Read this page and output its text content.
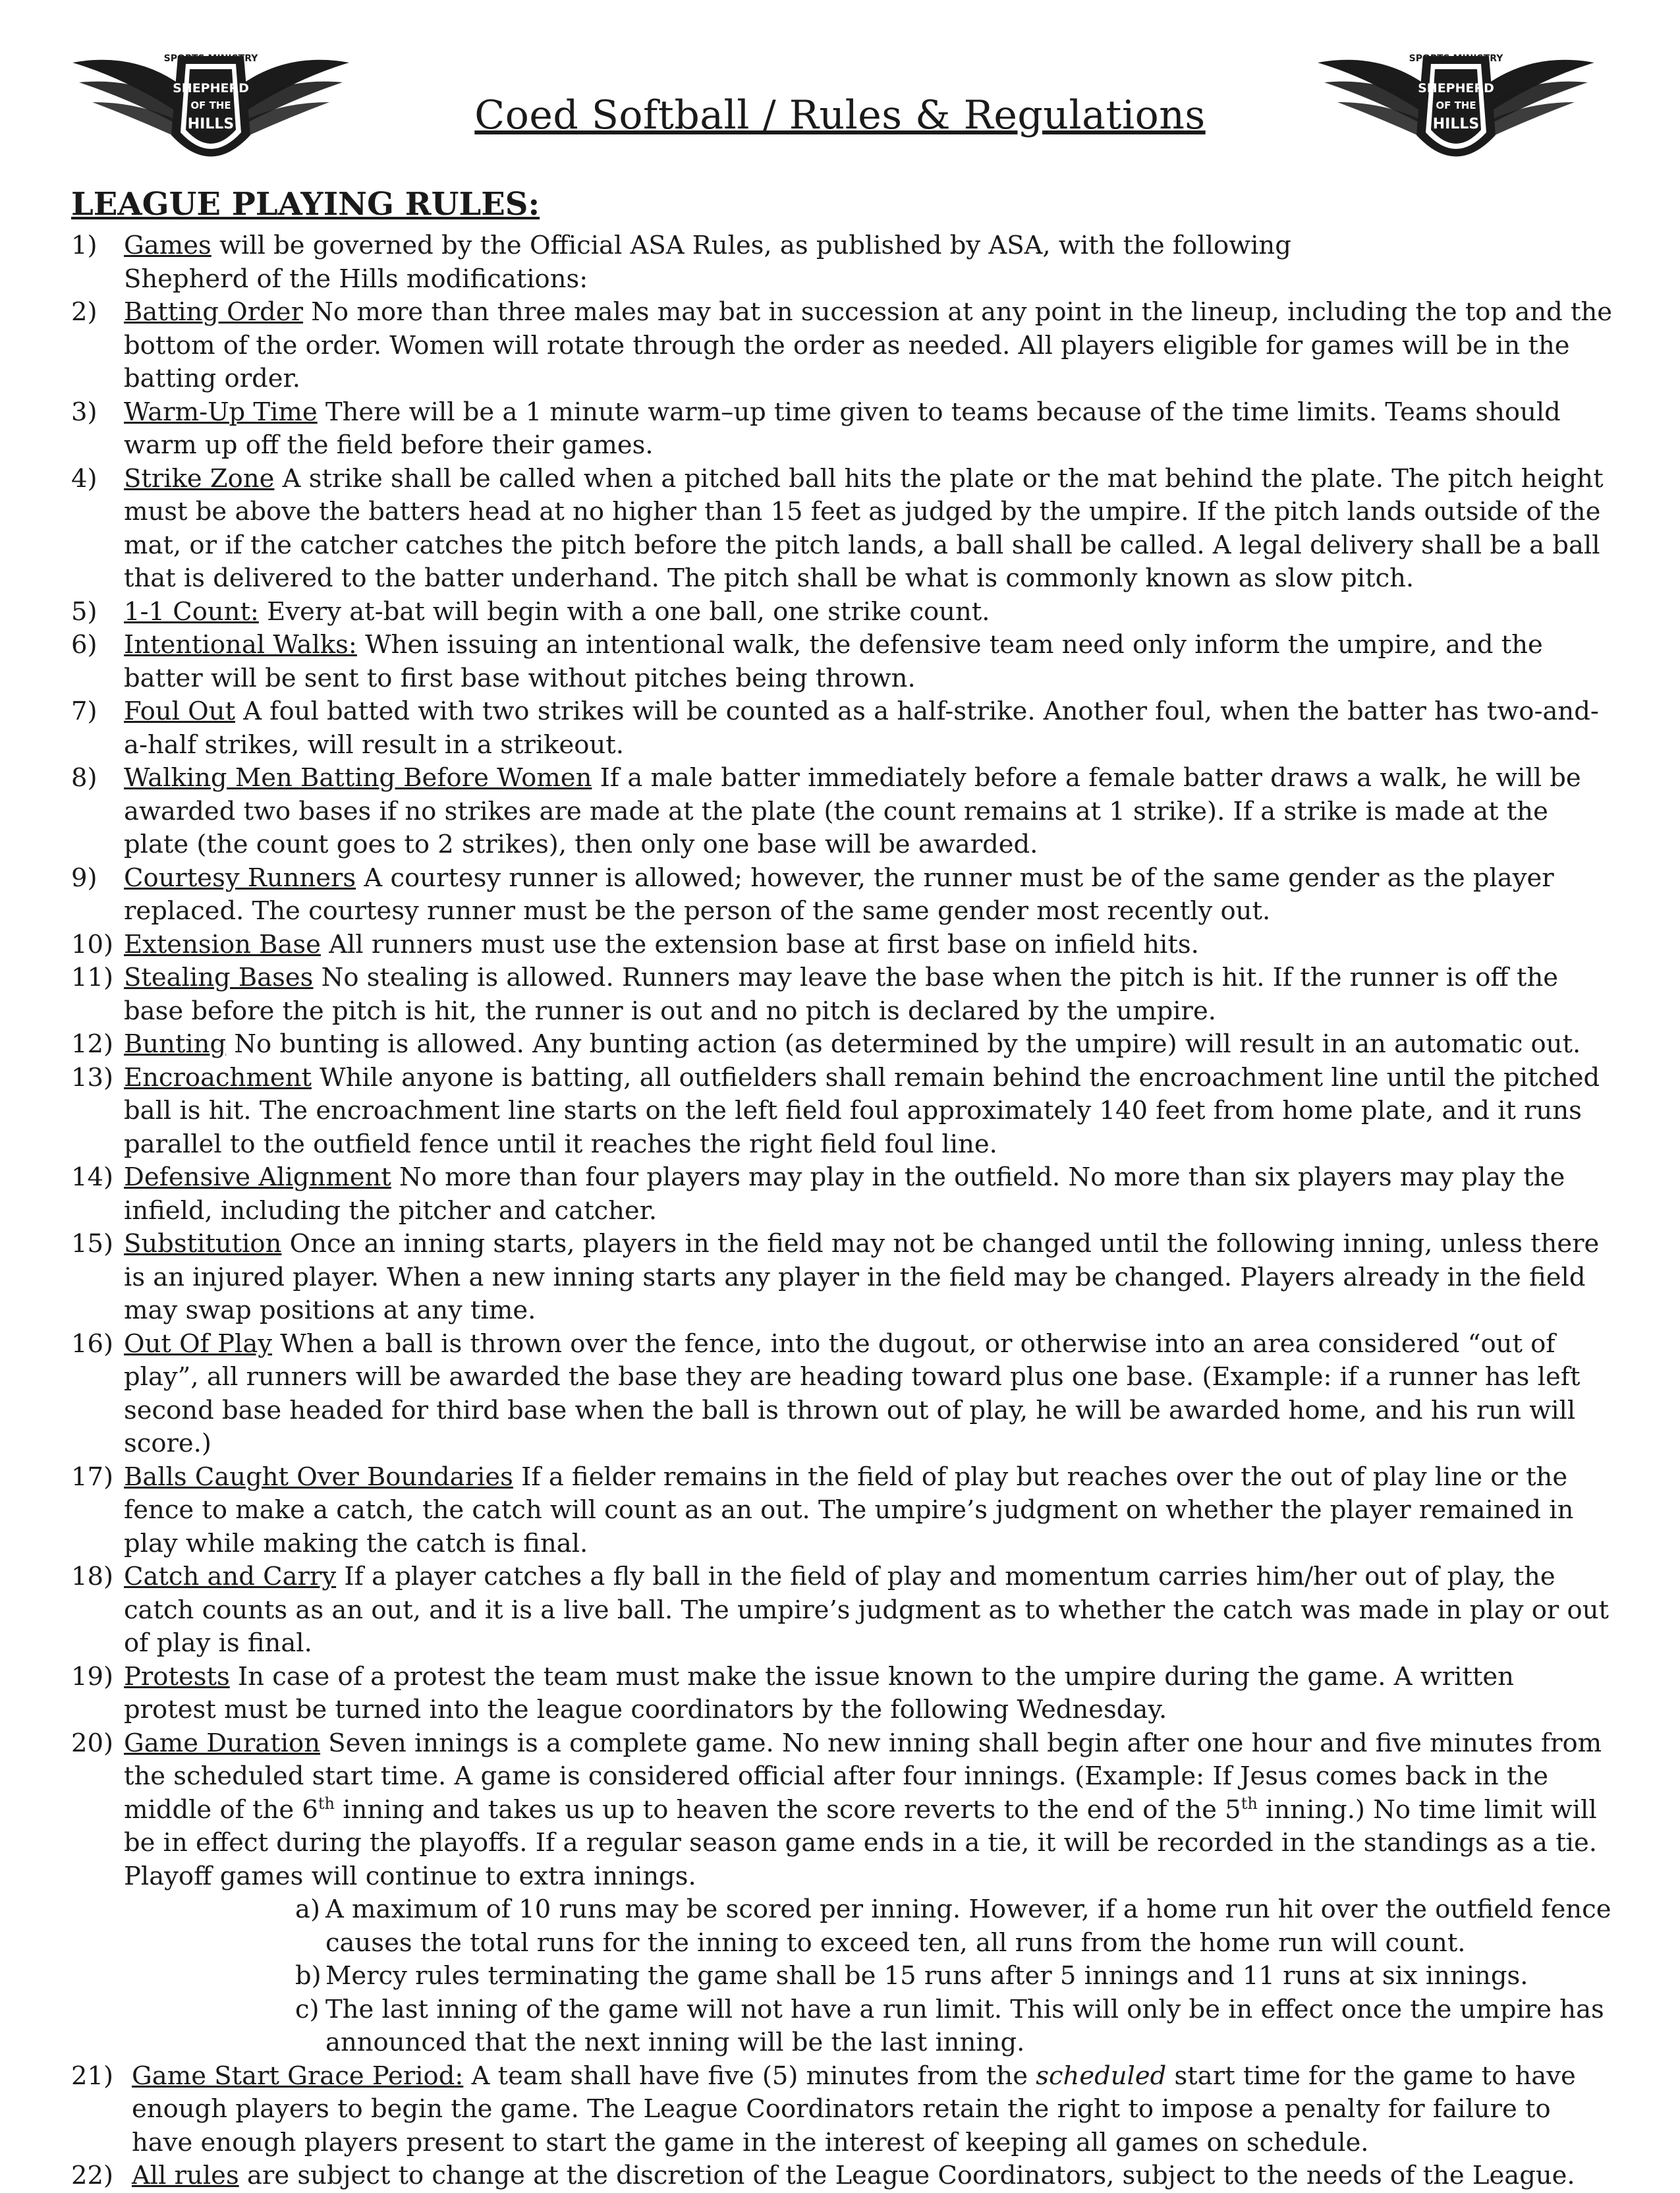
SPORTS MINISTRY
SHEPHERD
OF THE
HILLS
SPORTS MINISTRY
SHEPHERD
OF THE
HILLS
Coed Softball / Rules & Regulations
LEAGUE PLAYING RULES:
1) Games will be governed by the Official ASA Rules, as published by ASA, with the following
Shepherd of the Hills modifications:
2) Batting Order No more than three males may bat in succession at any point in the lineup, including the top and the bottom of the order. Women will rotate through the order as needed. All players eligible for games will be in the batting order.
3) Warm-Up Time There will be a 1 minute warm–up time given to teams because of the time limits. Teams should warm up off the field before their games.
4) Strike Zone A strike shall be called when a pitched ball hits the plate or the mat behind the plate. The pitch height must be above the batters head at no higher than 15 feet as judged by the umpire. If the pitch lands outside of the mat, or if the catcher catches the pitch before the pitch lands, a ball shall be called. A legal delivery shall be a ball that is delivered to the batter underhand. The pitch shall be what is commonly known as slow pitch.
5) 1-1 Count: Every at-bat will begin with a one ball, one strike count.
6) Intentional Walks: When issuing an intentional walk, the defensive team need only inform the umpire, and the batter will be sent to first base without pitches being thrown.
7) Foul Out A foul batted with two strikes will be counted as a half-strike. Another foul, when the batter has two-and-a-half strikes, will result in a strikeout.
8) Walking Men Batting Before Women If a male batter immediately before a female batter draws a walk, he will be awarded two bases if no strikes are made at the plate (the count remains at 1 strike). If a strike is made at the plate (the count goes to 2 strikes), then only one base will be awarded.
9) Courtesy Runners A courtesy runner is allowed; however, the runner must be of the same gender as the player replaced. The courtesy runner must be the person of the same gender most recently out.
10) Extension Base All runners must use the extension base at first base on infield hits.
11) Stealing Bases No stealing is allowed. Runners may leave the base when the pitch is hit. If the runner is off the base before the pitch is hit, the runner is out and no pitch is declared by the umpire.
12) Bunting No bunting is allowed. Any bunting action (as determined by the umpire) will result in an automatic out.
13) Encroachment While anyone is batting, all outfielders shall remain behind the encroachment line until the pitched ball is hit. The encroachment line starts on the left field foul approximately 140 feet from home plate, and it runs parallel to the outfield fence until it reaches the right field foul line.
14) Defensive Alignment No more than four players may play in the outfield. No more than six players may play the infield, including the pitcher and catcher.
15) Substitution Once an inning starts, players in the field may not be changed until the following inning, unless there is an injured player. When a new inning starts any player in the field may be changed. Players already in the field may swap positions at any time.
16) Out Of Play When a ball is thrown over the fence, into the dugout, or otherwise into an area considered “out of play”, all runners will be awarded the base they are heading toward plus one base. (Example: if a runner has left second base headed for third base when the ball is thrown out of play, he will be awarded home, and his run will score.)
17) Balls Caught Over Boundaries If a fielder remains in the field of play but reaches over the out of play line or the fence to make a catch, the catch will count as an out. The umpire’s judgment on whether the player remained in play while making the catch is final.
18) Catch and Carry If a player catches a fly ball in the field of play and momentum carries him/her out of play, the catch counts as an out, and it is a live ball. The umpire’s judgment as to whether the catch was made in play or out of play is final.
19) Protests In case of a protest the team must make the issue known to the umpire during the game. A written protest must be turned into the league coordinators by the following Wednesday.
20) Game Duration Seven innings is a complete game. No new inning shall begin after one hour and five minutes from the scheduled start time. A game is considered official after four innings. (Example: If Jesus comes back in the middle of the 6th inning and takes us up to heaven the score reverts to the end of the 5th inning.) No time limit will be in effect during the playoffs. If a regular season game ends in a tie, it will be recorded in the standings as a tie. Playoff games will continue to extra innings.
a) A maximum of 10 runs may be scored per inning. However, if a home run hit over the outfield fence causes the total runs for the inning to exceed ten, all runs from the home run will count.
b) Mercy rules terminating the game shall be 15 runs after 5 innings and 11 runs at six innings.
c) The last inning of the game will not have a run limit. This will only be in effect once the umpire has announced that the next inning will be the last inning.
21) Game Start Grace Period: A team shall have five (5) minutes from the scheduled start time for the game to have enough players to begin the game. The League Coordinators retain the right to impose a penalty for failure to have enough players present to start the game in the interest of keeping all games on schedule.
22) All rules are subject to change at the discretion of the League Coordinators, subject to the needs of the League.
